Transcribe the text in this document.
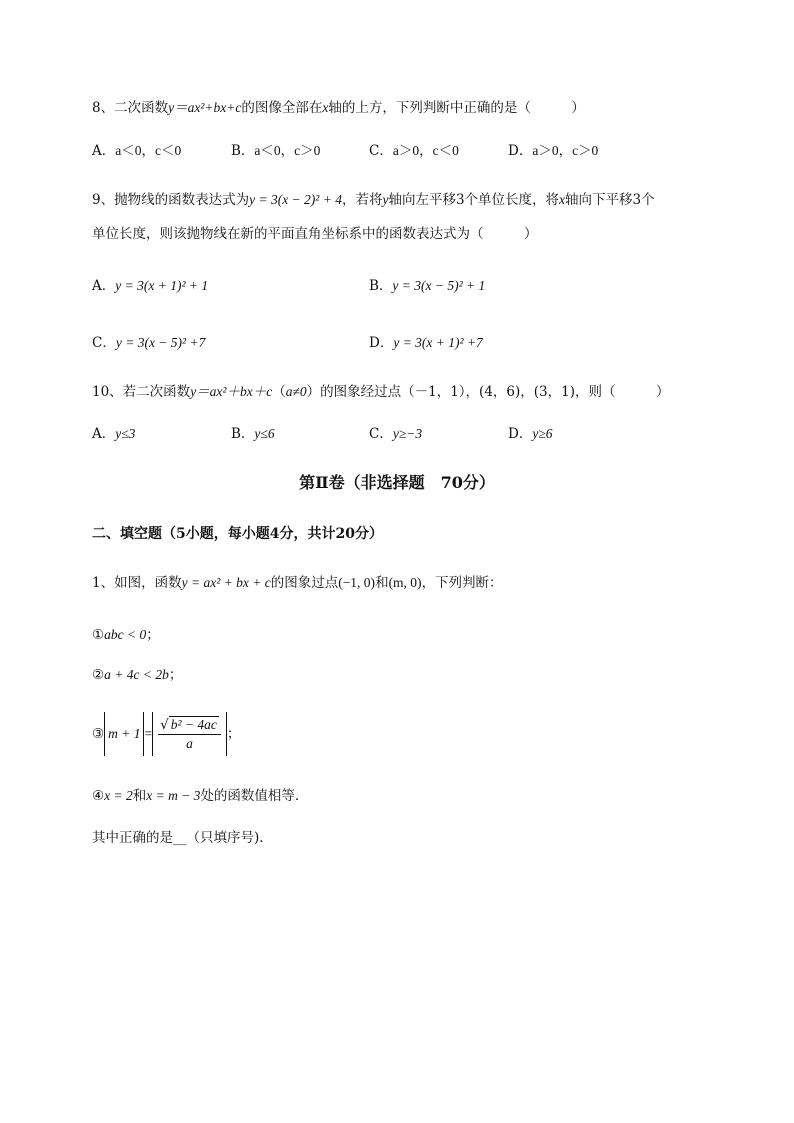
8、二次函数y＝ax²+bx+c的图像全部在x轴的上方，下列判断中正确的是（　　　）
A．a＜0，c＜0	B．a＜0，c＞0	C．a＞0，c＜0	D．a＞0，c＞0
9、抛物线的函数表达式为y = 3(x − 2)² + 4，若将y轴向左平移3个单位长度，将x轴向下平移3个
单位长度，则该抛物线在新的平面直角坐标系中的函数表达式为（　　　）
A．y = 3(x + 1)² + 1	B．y = 3(x − 5)² + 1
C．y = 3(x − 5)² +7	D．y = 3(x + 1)² +7
10、若二次函数y＝ax²＋bx＋c（a≠0）的图象经过点（－1，1），(4，6)，(3，1)，则（　　　）
A．y≤3	B．y≤6	C．y≥−3	D．y≥6
第Ⅱ卷（非选择题　70分）
二、填空题（5小题，每小题4分，共计20分）
1、如图，函数y = ax² + bx + c的图象过点(−1, 0)和(m, 0)，下列判断：
①abc < 0；
②a + 4c < 2b；
③ $m + 1 = \frac{\text{√ b² − 4ac}}{a}$ ；
④x = 2和x = m − 3处的函数值相等．
其中正确的是__（只填序号)．
